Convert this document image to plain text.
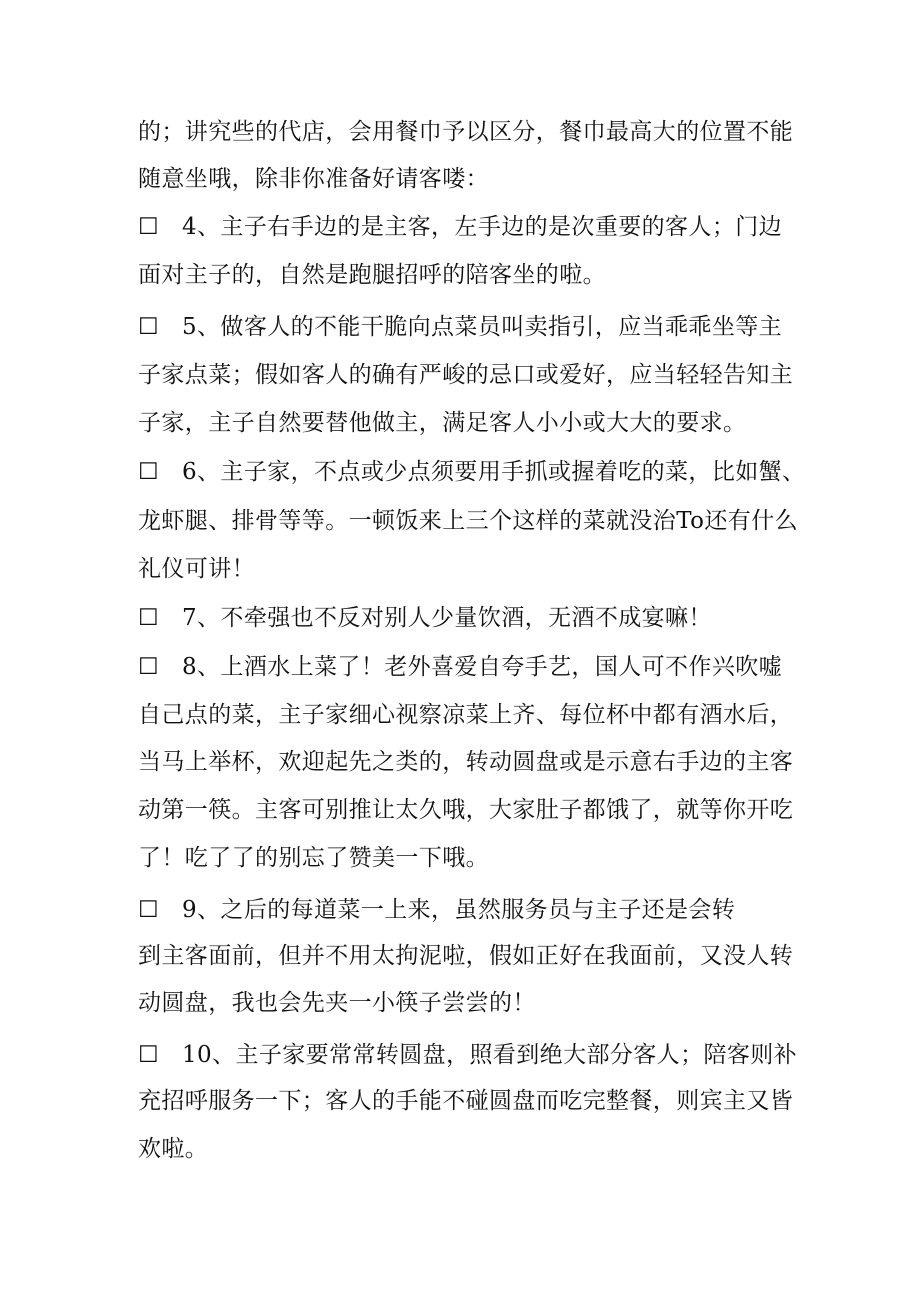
的；讲究些的代店，会用餐巾予以区分，餐巾最高大的位置不能
随意坐哦，除非你准备好请客喽：
☐ 4、主子右手边的是主客，左手边的是次重要的客人；门边
面对主子的，自然是跑腿招呼的陪客坐的啦。
☐ 5、做客人的不能干脆向点菜员叫卖指引，应当乖乖坐等主
子家点菜；假如客人的确有严峻的忌口或爱好，应当轻轻告知主
子家，主子自然要替他做主，满足客人小小或大大的要求。
☐ 6、主子家，不点或少点须要用手抓或握着吃的菜，比如蟹、
龙虾腿、排骨等等。一顿饭来上三个这样的菜就没治To还有什么
礼仪可讲！
☐ 7、不牵强也不反对别人少量饮酒，无酒不成宴嘛！
☐ 8、上酒水上菜了！老外喜爱自夸手艺，国人可不作兴吹嘘
自己点的菜，主子家细心视察凉菜上齐、每位杯中都有酒水后，
当马上举杯，欢迎起先之类的，转动圆盘或是示意右手边的主客
动第一筷。主客可别推让太久哦，大家肚子都饿了，就等你开吃
了！吃了了的别忘了赞美一下哦。
☐ 9、之后的每道菜一上来，虽然服务员与主子还是会转
到主客面前，但并不用太拘泥啦，假如正好在我面前，又没人转
动圆盘，我也会先夹一小筷子尝尝的！
☐ 10、主子家要常常转圆盘，照看到绝大部分客人；陪客则补
充招呼服务一下；客人的手能不碰圆盘而吃完整餐，则宾主又皆
欢啦。
